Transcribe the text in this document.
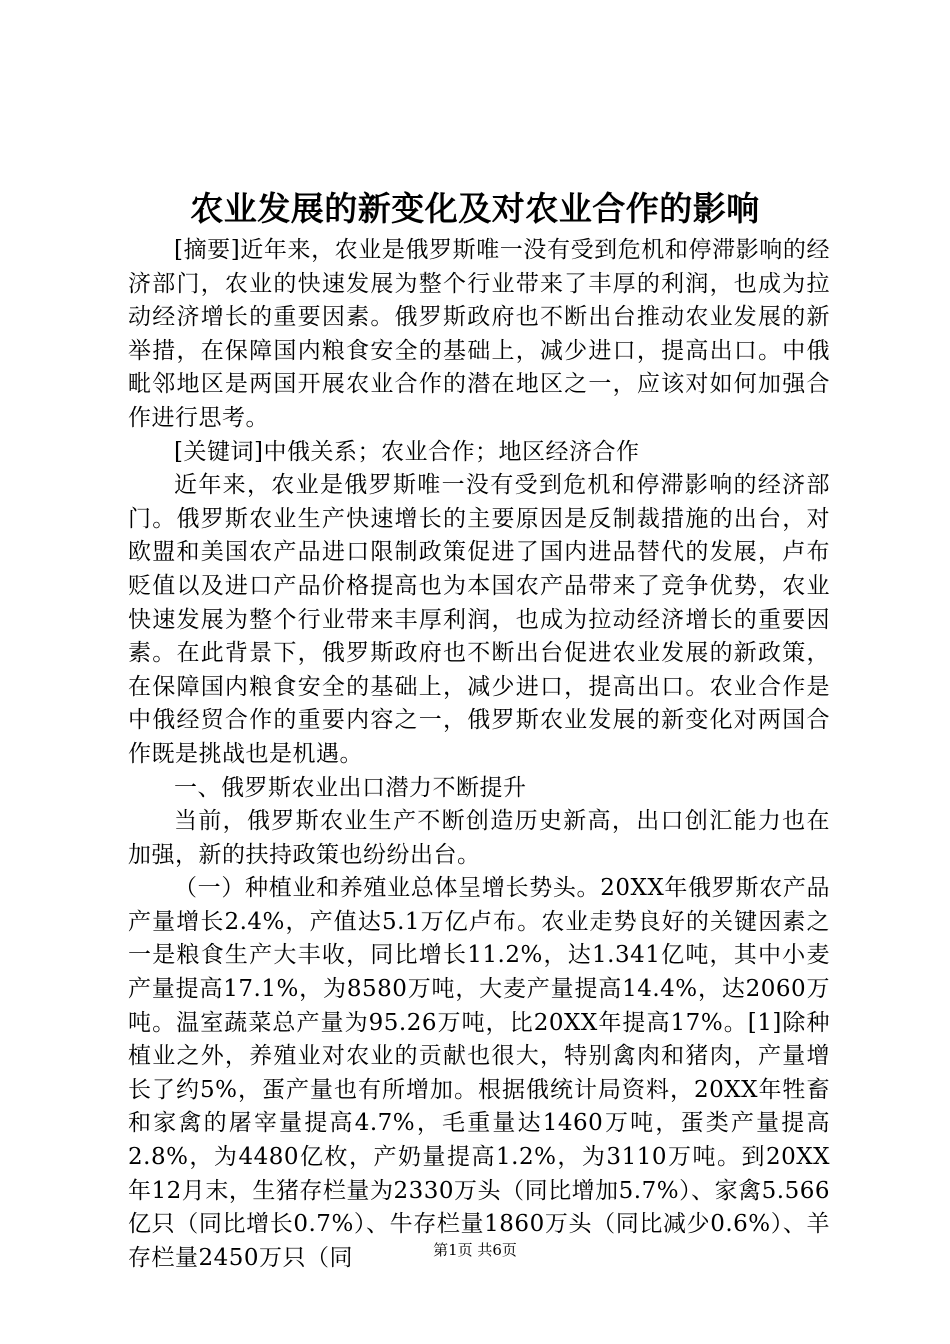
农业发展的新变化及对农业合作的影响

[摘要]近年来，农业是俄罗斯唯一没有受到危机和停滞影响的经济部门，农业的快速发展为整个行业带来了丰厚的利润，也成为拉动经济增长的重要因素。俄罗斯政府也不断出台推动农业发展的新举措，在保障国内粮食安全的基础上，减少进口，提高出口。中俄毗邻地区是两国开展农业合作的潜在地区之一，应该对如何加强合作进行思考。

[关键词]中俄关系；农业合作；地区经济合作

近年来，农业是俄罗斯唯一没有受到危机和停滞影响的经济部门。俄罗斯农业生产快速增长的主要原因是反制裁措施的出台，对欧盟和美国农产品进口限制政策促进了国内进品替代的发展，卢布贬值以及进口产品价格提高也为本国农产品带来了竞争优势，农业快速发展为整个行业带来丰厚利润，也成为拉动经济增长的重要因素。在此背景下，俄罗斯政府也不断出台促进农业发展的新政策，在保障国内粮食安全的基础上，减少进口，提高出口。农业合作是中俄经贸合作的重要内容之一，俄罗斯农业发展的新变化对两国合作既是挑战也是机遇。

一、俄罗斯农业出口潜力不断提升

当前，俄罗斯农业生产不断创造历史新高，出口创汇能力也在加强，新的扶持政策也纷纷出台。

（一）种植业和养殖业总体呈增长势头。20XX年俄罗斯农产品产量增长2.4%，产值达5.1万亿卢布。农业走势良好的关键因素之一是粮食生产大丰收，同比增长11.2%，达1.341亿吨，其中小麦产量提高17.1%，为8580万吨，大麦产量提高14.4%，达2060万吨。温室蔬菜总产量为95.26万吨，比20XX年提高17%。[1]除种植业之外，养殖业对农业的贡献也很大，特别禽肉和猪肉，产量增长了约5%，蛋产量也有所增加。根据俄统计局资料，20XX年牲畜和家禽的屠宰量提高4.7%，毛重量达1460万吨，蛋类产量提高2.8%，为4480亿枚，产奶量提高1.2%，为3110万吨。到20XX年12月末，生猪存栏量为2330万头（同比增加5.7%）、家禽5.566亿只（同比增长0.7%）、牛存栏量1860万头（同比减少0.6%）、羊存栏量2450万只（同	第1页 共6页
